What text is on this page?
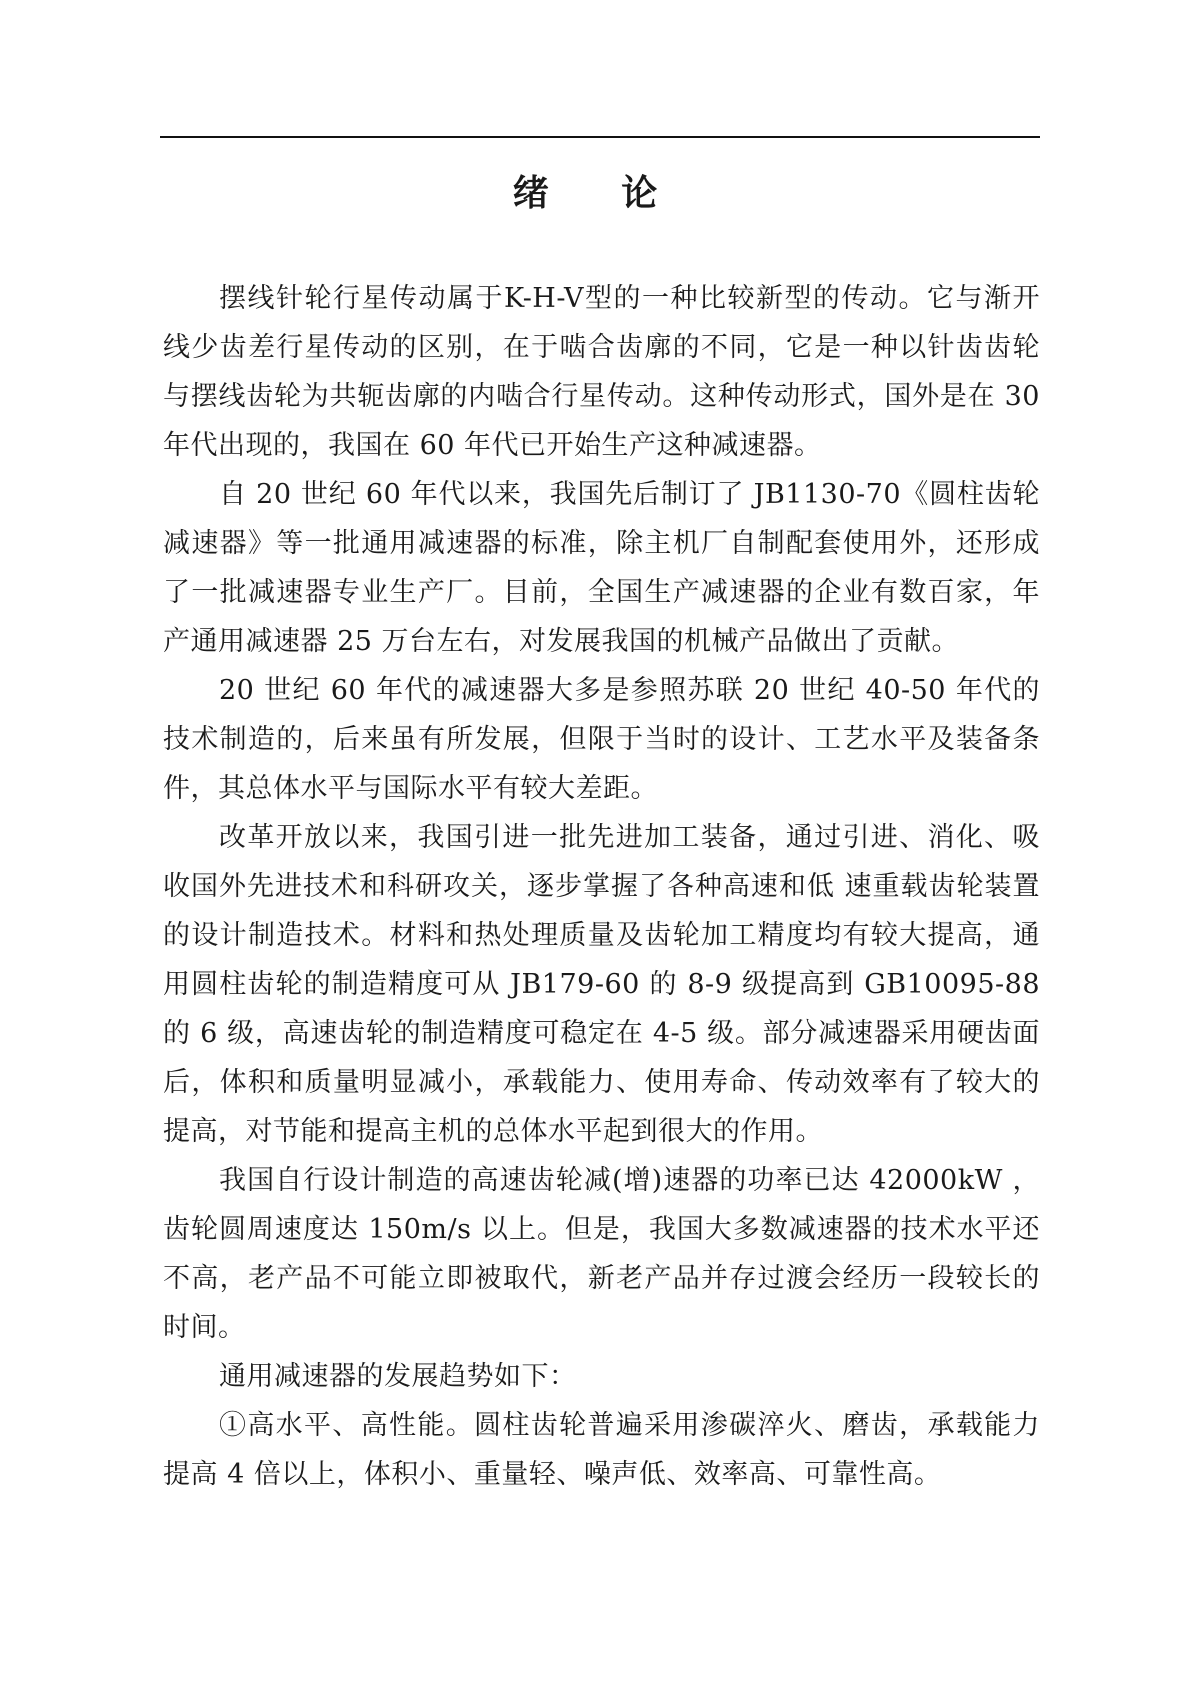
绪 论

摆线针轮行星传动属于K-H-V型的一种比较新型的传动。它与渐开线少齿差行星传动的区别，在于啮合齿廓的不同，它是一种以针齿齿轮与摆线齿轮为共轭齿廓的内啮合行星传动。这种传动形式，国外是在 30 年代出现的，我国在 60 年代已开始生产这种减速器。

自 20 世纪 60 年代以来，我国先后制订了 JB1130-70《圆柱齿轮减速器》等一批通用减速器的标准，除主机厂自制配套使用外，还形成了一批减速器专业生产厂。目前，全国生产减速器的企业有数百家，年产通用减速器 25 万台左右，对发展我国的机械产品做出了贡献。

20 世纪 60 年代的减速器大多是参照苏联 20 世纪 40-50 年代的技术制造的，后来虽有所发展，但限于当时的设计、工艺水平及装备条件，其总体水平与国际水平有较大差距。

改革开放以来，我国引进一批先进加工装备，通过引进、消化、吸收国外先进技术和科研攻关，逐步掌握了各种高速和低 速重载齿轮装置的设计制造技术。材料和热处理质量及齿轮加工精度均有较大提高，通用圆柱齿轮的制造精度可从 JB179-60 的 8-9 级提高到 GB10095-88 的 6 级，高速齿轮的制造精度可稳定在 4-5 级。部分减速器采用硬齿面后，体积和质量明显减小，承载能力、使用寿命、传动效率有了较大的提高，对节能和提高主机的总体水平起到很大的作用。

我国自行设计制造的高速齿轮减(增)速器的功率已达 42000kW ，齿轮圆周速度达 150m/s 以上。但是，我国大多数减速器的技术水平还不高，老产品不可能立即被取代，新老产品并存过渡会经历一段较长的时间。

通用减速器的发展趋势如下：

①高水平、高性能。圆柱齿轮普遍采用渗碳淬火、磨齿，承载能力提高 4 倍以上，体积小、重量轻、噪声低、效率高、可靠性高。
